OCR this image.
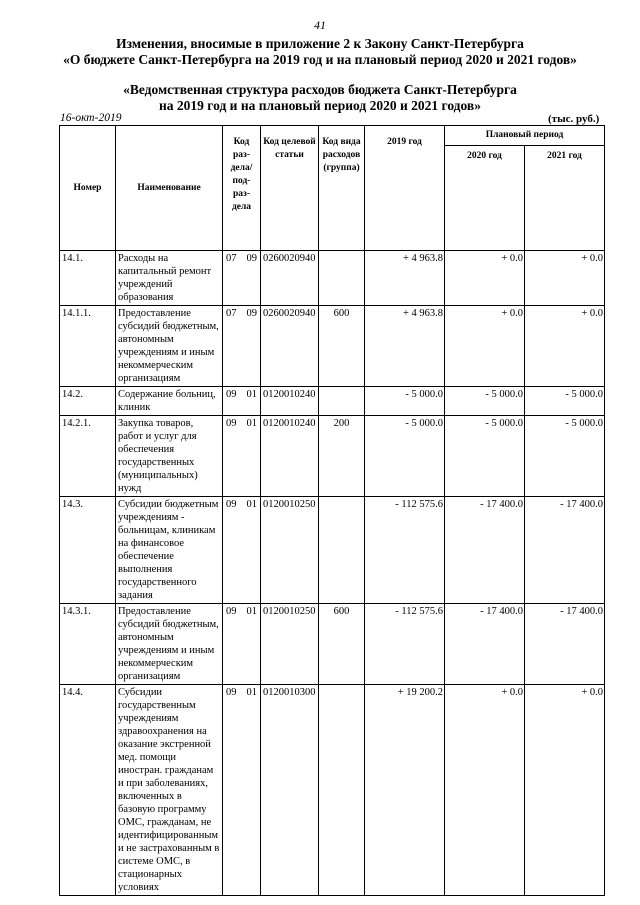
41
Изменения, вносимые в приложение 2 к Закону Санкт-Петербурга
«О бюджете Санкт-Петербурга на 2019 год и на плановый период 2020 и 2021 годов»
«Ведомственная структура расходов бюджета Санкт-Петербурга
на 2019 год и на плановый период 2020 и 2021 годов»
16-окт-2019	(тыс. руб.)
Номер	Наименование	Код раз-дела/ под-раз-дела	Код целевой статьи	Код вида расходов (группа)	2019 год	Плановый период	
						2020 год	2021 год
14.1.	Расходы на капитальный ремонт учреждений образования	07 09	0260020940		+ 4 963.8	+ 0.0	+ 0.0
14.1.1.	Предоставление субсидий бюджетным, автономным учреждениям и иным некоммерческим организациям	07 09	0260020940	600	+ 4 963.8	+ 0.0	+ 0.0
14.2.	Содержание больниц, клиник	09 01	0120010240		- 5 000.0	- 5 000.0	- 5 000.0
14.2.1.	Закупка товаров, работ и услуг для обеспечения государственных (муниципальных) нужд	09 01	0120010240	200	- 5 000.0	- 5 000.0	- 5 000.0
14.3.	Субсидии бюджетным учреждениям - больницам, клиникам на финансовое обеспечение выполнения государственного задания	09 01	0120010250		- 112 575.6	- 17 400.0	- 17 400.0
14.3.1.	Предоставление субсидий бюджетным, автономным учреждениям и иным некоммерческим организациям	09 01	0120010250	600	- 112 575.6	- 17 400.0	- 17 400.0
14.4.	Субсидии государственным учреждениям здравоохранения на оказание экстренной мед. помощи иностран. гражданам и при заболеваниях, включенных в базовую программу ОМС, гражданам, не идентифицированным и не застрахованным в системе ОМС, в стационарных условиях	09 01	0120010300		+ 19 200.2	+ 0.0	+ 0.0
